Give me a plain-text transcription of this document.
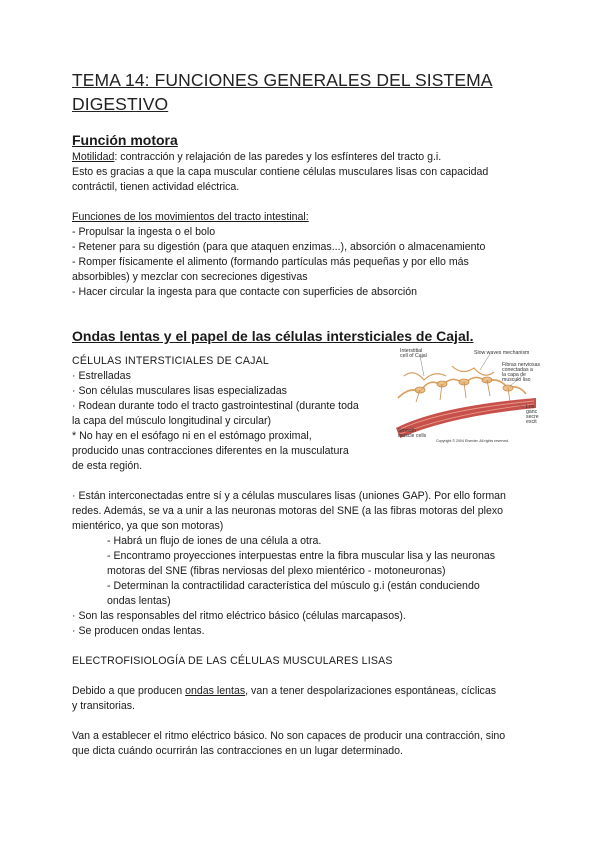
TEMA 14: FUNCIONES GENERALES DEL SISTEMA
DIGESTIVO
Función motora

Motilidad: contracción y relajación de las paredes y los esfínteres del tracto g.i.

Esto es gracias a que la capa muscular contiene células musculares lisas con capacidad

contráctil, tienen actividad eléctrica.

Funciones de los movimientos del tracto intestinal:

- Propulsar la ingesta o el bolo

- Retener para su digestión (para que ataquen enzimas...), absorción o almacenamiento

- Romper físicamente el alimento (formando partículas más pequeñas y por ello más

absorbibles) y mezclar con secreciones digestivas

- Hacer circular la ingesta para que contacte con superficies de absorción

Ondas lentas y el papel de las células intersticiales de Cajal.

CÉLULAS INTERSTICIALES DE CAJAL

· Estrelladas

· Son células musculares lisas especializadas

· Rodean durante todo el tracto gastrointestinal (durante toda

la capa del músculo longitudinal y circular)

* No hay en el esófago ni en el estómago proximal,

producido unas contracciones diferentes en la musculatura

de esta región.

· Están interconectadas entre sí y a células musculares lisas (uniones GAP). Por ello forman

redes. Además, se va a unir a las neuronas motoras del SNE (a las fibras motoras del plexo

mientérico, ya que son motoras)

- Habrá un flujo de iones de una célula a otra.

- Encontramo proyecciones interpuestas entre la fibra muscular lisa y las neuronas

motoras del SNE (fibras nerviosas del plexo mientérico - motoneuronas)

- Determinan la contractilidad característica del músculo g.i (están conduciendo

ondas lentas)

· Son las responsables del ritmo eléctrico básico (células marcapasos).

· Se producen ondas lentas.

ELECTROFISIOLOGÍA DE LAS CÉLULAS MUSCULARES LISAS

Debido a que producen ondas lentas, van a tener despolarizaciones espontáneas, cíclicas

y transitorias.

Van a establecer el ritmo eléctrico básico. No son capaces de producir una contracción, sino

que dicta cuándo ocurrirán las contracciones en un lugar determinado.

Interstitial
cell of Cajal	Slow waves mechanism
Fibras nerviosas
conectadas a
la capa de
musculo liso
Los
ganc
secre
excit
Smooth
muscle cells
Copyright © 2004 Elsevier. All rights reserved.
